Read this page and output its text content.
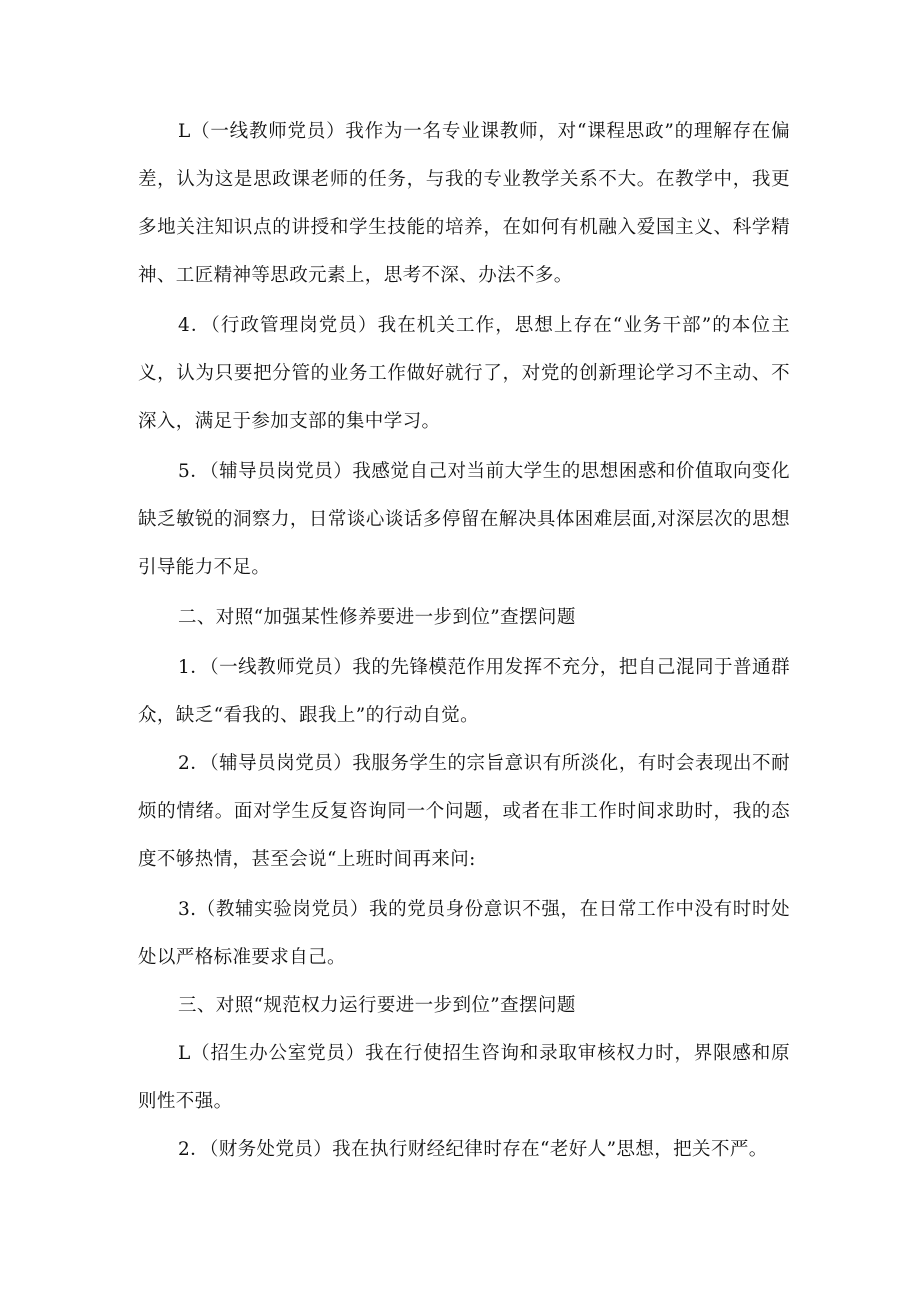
L（一线教师党员）我作为一名专业课教师，对“课程思政”的理解存在偏差，认为这是思政课老师的任务，与我的专业教学关系不大。在教学中，我更多地关注知识点的讲授和学生技能的培养，在如何有机融入爱国主义、科学精神、工匠精神等思政元素上，思考不深、办法不多。

4．（行政管理岗党员）我在机关工作，思想上存在“业务干部”的本位主义，认为只要把分管的业务工作做好就行了，对党的创新理论学习不主动、不深入，满足于参加支部的集中学习。

5．（辅导员岗党员）我感觉自己对当前大学生的思想困惑和价值取向变化缺乏敏锐的洞察力，日常谈心谈话多停留在解决具体困难层面,对深层次的思想引导能力不足。

二、对照“加强某性修养要进一步到位”查摆问题

1．（一线教师党员）我的先锋模范作用发挥不充分，把自己混同于普通群众，缺乏“看我的、跟我上”的行动自觉。

2．（辅导员岗党员）我服务学生的宗旨意识有所淡化，有时会表现出不耐烦的情绪。面对学生反复咨询同一个问题，或者在非工作时间求助时，我的态度不够热情，甚至会说“上班时间再来问:

3.（教辅实验岗党员）我的党员身份意识不强，在日常工作中没有时时处处以严格标准要求自己。

三、对照“规范权力运行要进一步到位”查摆问题

L（招生办公室党员）我在行使招生咨询和录取审核权力时，界限感和原则性不强。

2．（财务处党员）我在执行财经纪律时存在“老好人”思想，把关不严。
